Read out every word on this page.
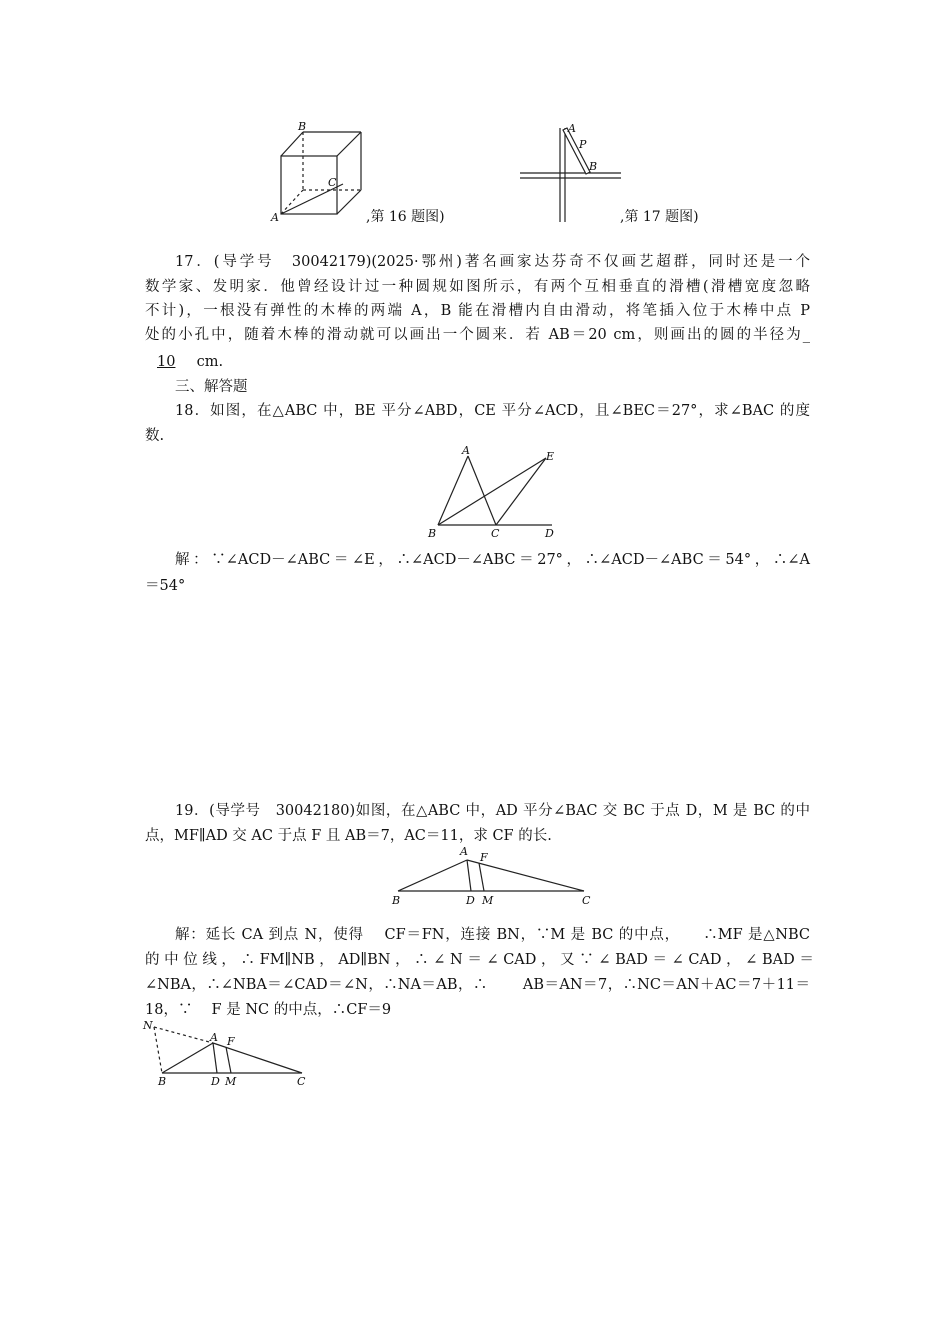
B
C
A	,第 16 题图)
A
P
B
,第 17 题图)
17．(导学号　30042179)(2025·鄂州)著名画家达芬奇不仅画艺超群，同时还是一个
数学家、发明家．他曾经设计过一种圆规如图所示，有两个互相垂直的滑槽(滑槽宽度忽略
不计)，一根没有弹性的木棒的两端 A，B 能在滑槽内自由滑动，将笔插入位于木棒中点 P
处的小孔中，随着木棒的滑动就可以画出一个圆来．若 AB＝20 cm，则画出的圆的半径为_
10 cm.
三、解答题
18．如图，在△ABC 中，BE 平分∠ABD，CE 平分∠ACD，且∠BEC＝27°，求∠BAC 的度
数.
A	E
B	C	D
解：∵∠ACD－∠ABC＝∠E，∴∠ACD－∠ABC＝27°，∴∠ACD－∠ABC＝54°，∴∠A
＝54°
19．(导学号　30042180)如图，在△ABC 中，AD 平分∠BAC 交 BC 于点 D，M 是 BC 的中
点，MF∥AD 交 AC 于点 F 且 AB＝7，AC＝11，求 CF 的长.
A F
B	D M	C
解：延长 CA 到点 N，使得　 CF＝FN，连接 BN，∵M 是 BC 的中点，　　∴MF 是△NBC
的 中 位 线 ， ∴ FM∥NB ， AD∥BN ， ∴ ∠ N ＝ ∠ CAD ， 又 ∵ ∠ BAD ＝ ∠ CAD ， ∠ BAD ＝
∠NBA，∴∠NBA＝∠CAD＝∠N，∴NA＝AB，∴　　 AB＝AN＝7，∴NC＝AN＋AC＝7＋11＝
18，∵　 F 是 NC 的中点，∴CF＝9
N
A F
B	D M	C
